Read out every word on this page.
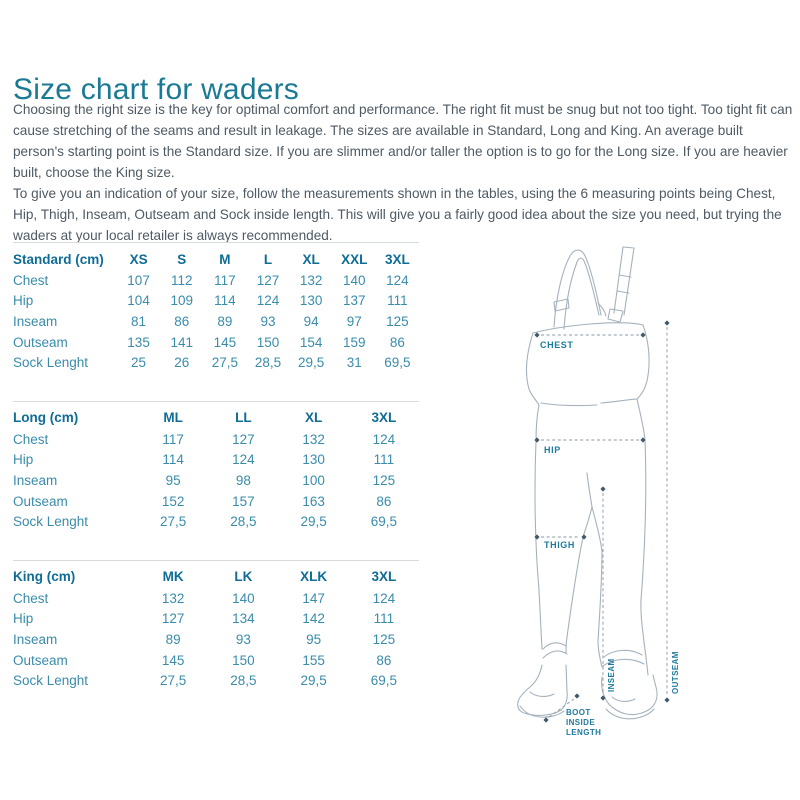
Size chart for waders

Choosing the right size is the key for optimal comfort and performance. The right fit must be snug but not too tight. Too tight fit can cause stretching of the seams and result in leakage. The sizes are available in Standard, Long and King. An average built person's starting point is the Standard size. If you are slimmer and/or taller the option is to go for the Long size. If you are heavier built, choose the King size.

To give you an indication of your size, follow the measurements shown in the tables, using the 6 measuring points being Chest, Hip, Thigh, Inseam, Outseam and Sock inside length. This will give you a fairly good idea about the size you need, but trying the waders at your local retailer is always recommended.

Standard (cm)	XS	S	M	L	XL	XXL	3XL
Chest	107	112	117	127	132	140	124
Hip	104	109	114	124	130	137	111
Inseam	81	86	89	93	94	97	125
Outseam	135	141	145	150	154	159	86
Sock Lenght	25	26	27,5	28,5	29,5	31	69,5
Long (cm)	ML	LL	XL	3XL
Chest	117	127	132	124
Hip	114	124	130	111
Inseam	95	98	100	125
Outseam	152	157	163	86
Sock Lenght	27,5	28,5	29,5	69,5
King (cm)	MK	LK	XLK	3XL
Chest	132	140	147	124
Hip	127	134	142	111
Inseam	89	93	95	125
Outseam	145	150	155	86
Sock Lenght	27,5	28,5	29,5	69,5
CHEST
HIP
THIGH
INSEAM	OUTSEAM
BOOT
INSIDE
LENGTH
